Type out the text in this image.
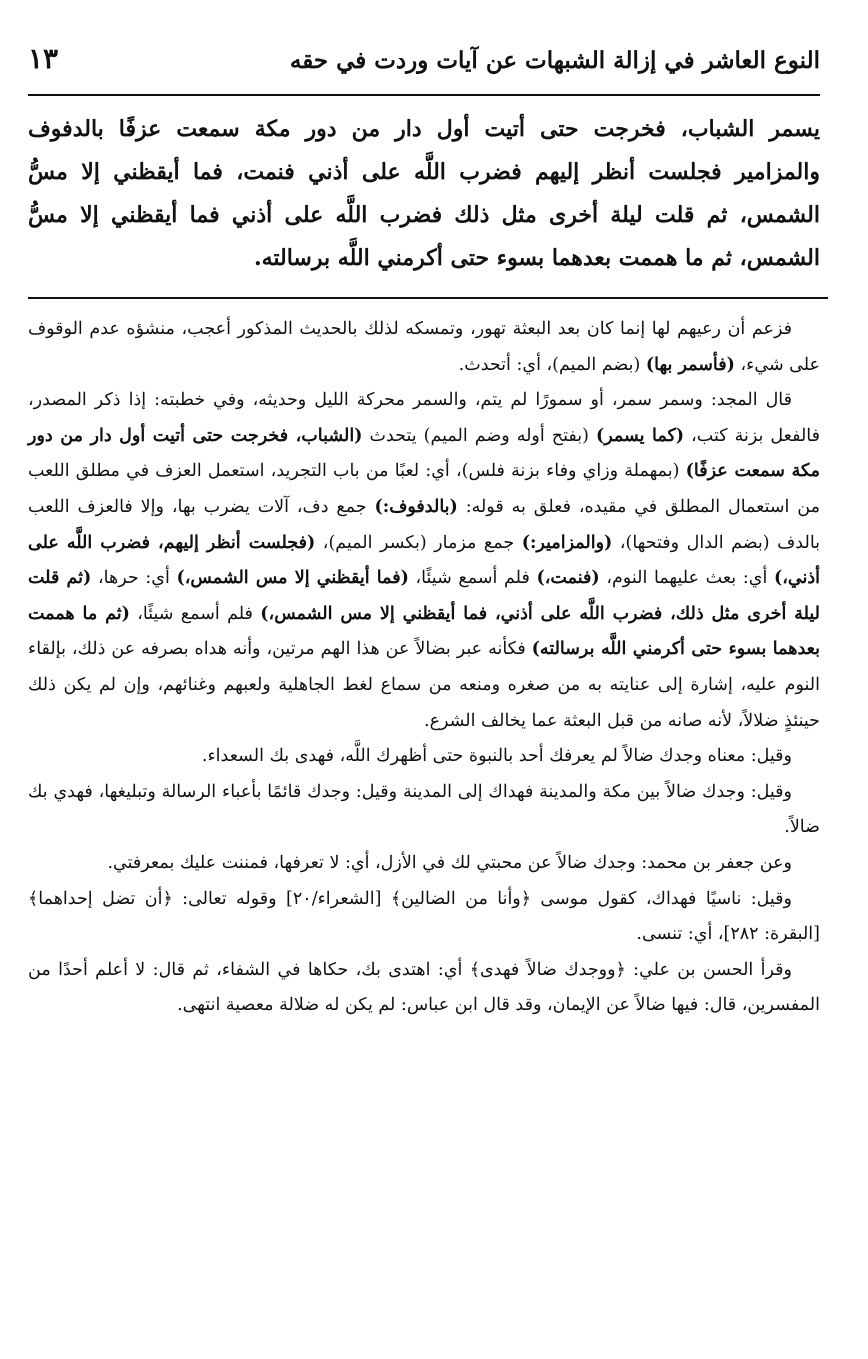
النوع العاشر في إزالة الشبهات عن آيات وردت في حقه
١٣

يسمر الشباب، فخرجت حتى أتيت أول دار من دور مكة سمعت عزفًا بالدفوف والمزامير فجلست أنظر إليهم فضرب اللَّه على أذني فنمت، فما أيقظني إلا مسُّ الشمس، ثم قلت ليلة أخرى مثل ذلك فضرب اللَّه على أذني فما أيقظني إلا مسُّ الشمس، ثم ما هممت بعدهما بسوء حتى أكرمني اللَّه برسالته.

فزعم أن رعيهم لها إنما كان بعد البعثة تهور، وتمسكه لذلك بالحديث المذكور أعجب، منشؤه عدم الوقوف على شيء، (فأسمر بها) (بضم الميم)، أي: أتحدث.

قال المجد: وسمر سمر، أو سمورًا لم يتم، والسمر محركة الليل وحديثه، وفي خطبته: إذا ذكر المصدر، فالفعل بزنة كتب، (كما يسمر) (بفتح أوله وضم الميم) يتحدث (الشباب، فخرجت حتى أتيت أول دار من دور مكة سمعت عزفًا) (بمهملة وزاي وفاء بزنة فلس)، أي: لعبًا من باب التجريد، استعمل العزف في مطلق اللعب من استعمال المطلق في مقيده، فعلق به قوله: (بالدفوف:) جمع دف، آلات يضرب بها، وإلا فالعزف اللعب بالدف (بضم الدال وفتحها)، (والمزامير:) جمع مزمار (بكسر الميم)، (فجلست أنظر إليهم، فضرب اللَّه على أذني،) أي: بعث عليهما النوم، (فنمت،) فلم أسمع شيئًا، (فما أيقظني إلا مس الشمس،) أي: حرها، (ثم قلت ليلة أخرى مثل ذلك، فضرب اللَّه على أذني، فما أيقظني إلا مس الشمس،) فلم أسمع شيئًا، (ثم ما هممت بعدهما بسوء حتى أكرمني اللَّه برسالته) فكأنه عبر بضالاً عن هذا الهم مرتين، وأنه هداه بصرفه عن ذلك، بإلقاء النوم عليه، إشارة إلى عنايته به من صغره ومنعه من سماع لغط الجاهلية ولعبهم وغنائهم، وإن لم يكن ذلك حينئذٍ ضلالاً، لأنه صانه من قبل البعثة عما يخالف الشرع.

وقيل: معناه وجدك ضالاً لم يعرفك أحد بالنبوة حتى أظهرك اللَّه، فهدى بك السعداء.

وقيل: وجدك ضالاً بين مكة والمدينة فهداك إلى المدينة وقيل: وجدك قائمًا بأعباء الرسالة وتبليغها، فهدي بك ضالاً.

وعن جعفر بن محمد: وجدك ضالاً عن محبتي لك في الأزل، أي: لا تعرفها، فمننت عليك بمعرفتي.

وقيل: ناسيًا فهداك، كقول موسى ﴿وأنا من الضالين﴾ [الشعراء/٢٠] وقوله تعالى: ﴿أن تضل إحداهما﴾ [البقرة: ٢٨٢]، أي: تنسى.

وقرأ الحسن بن علي: ﴿ووجدك ضالاً فهدى﴾ أي: اهتدى بك، حكاها في الشفاء، ثم قال: لا أعلم أحدًا من المفسرين، قال: فيها ضالاً عن الإيمان، وقد قال ابن عباس: لم يكن له ضلالة معصية انتهى.
